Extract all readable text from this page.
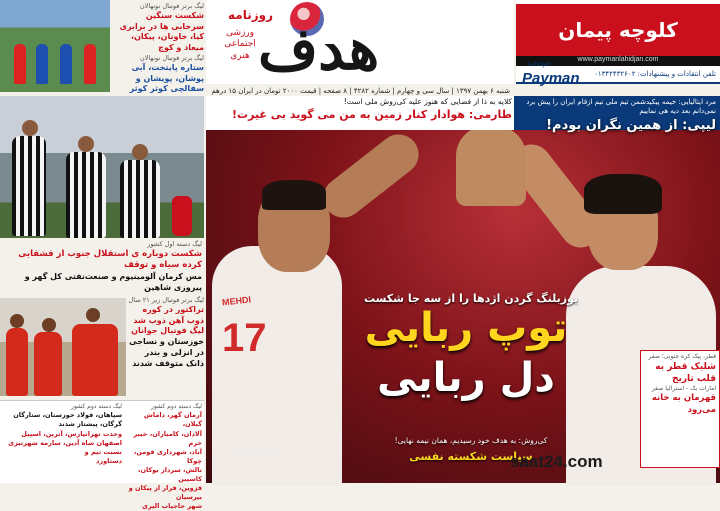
لیگ برتر فوتبال نونهالان
شکست سنگین سرخابی ها در برابری کیا، خاونان، پیکان، میعاد و کوچ
لیگ برتر فوتبال نونهالان
ستاره پایتخت، آبی پوشان، پویشان و سفالچی کوثر کوثر
لیگ دسته اول کشور
شکست دوباره ی استقلال جنوب از قشقایی کرده سیاه و توقف
مس کرمان آلومینیوم و صنعت‌نفتی کل گهر و پیروزی شاهین
لیگ برتر فوتبال زیر ۲۱ سال
تراکتور در کوره ذوب آهن ذوب شد لیگ فوتبال جوانان
خوزستان و نساجی در انزلی و بندر ذانک متوقف شدند
لیگ دسته دوم کشور
آرمان گهر، داماش گیلان،
آلادان، کامیاران، خیبر خرم
آباد، شهرداری فومن، چوکا
تالش، سردار بوکان، کاسپین
قزوین، فرار از پیکان و بیرسیان
شهر حاجیاب الیری
لیگ دسته دوم کشور
سپاهان، فولاد خوزستان، ستارگان گرگان، پیشتاز شدند
وحدت تهرانیارس، آترین، اسپیل اصفهان شاه آدین، سارمه شهرنیزی نسبت تیم و
دستاورد
هدف
روزنامه
ورزشی اجتماعی هنری
شنبه ۶ بهمن ۱۳۹۷ | سال سی و چهارم | شماره ۴۲۸۲ | ۸ صفحه | قیمت ۲۰۰۰ تومان در ایران ۱۵ درهم
کلوچه پیمان
www.paymanlahidjan.com
Lahidjan
Payman	تلفن انتقادات و پیشنهادات: ۰۱۳۴۲۴۳۲۶۰۲
17
MEHDI	یوزبلنگ گردن اژدها را از سه جا شکست
توپ ربایی
دل ربایی
کی‌روش: به هدف خود رسیدیم، همان نیمه نهایی!
سیاست شکسته نفسی
Agency News
کلایه به ذا از فضایی که هنوز علیه کی‌روش ملی است!
طارمی: هوادار کنار زمین به من می گوید بی غیرت!
مرد ایتالیایی: خیمه پیکیدشمن تیم ملی تیم ازقام ایران را پیش برد نمی‌دانم بعد دیه هی نماییم
لیپی: از همین نگران بودم!
فطر، پیک کره جنوبی؛ صفر
شلیک قطر به قلب تاریخ
امارات یک - استرالیا صفر
قهرمان به خانه می‌رود
saat24.com
